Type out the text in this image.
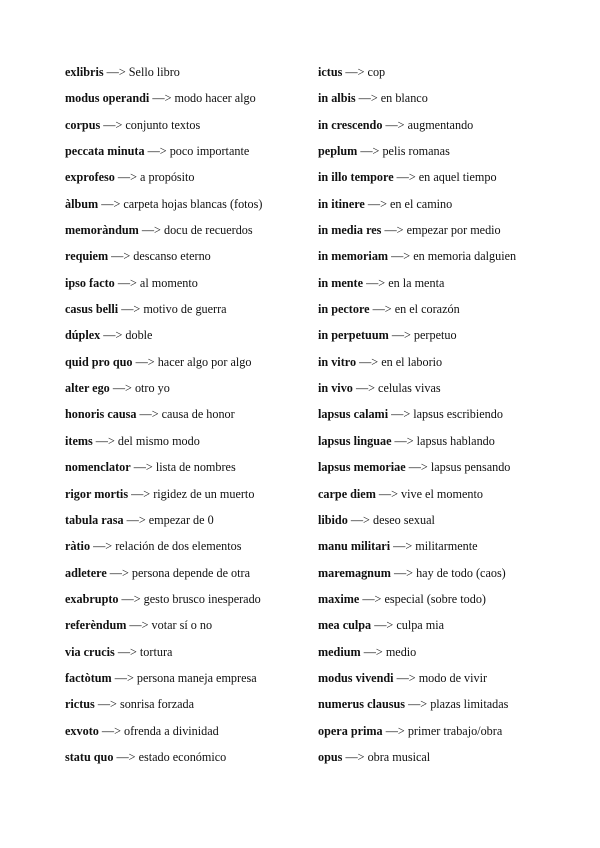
exlibris —> Sello libro
modus operandi —> modo hacer algo
corpus —> conjunto textos
peccata minuta —> poco importante
exprofeso —> a propósito
àlbum —> carpeta hojas blancas (fotos)
memoràndum —> docu de recuerdos
requiem —> descanso eterno
ipso facto —> al momento
casus belli —> motivo de guerra
dúplex —> doble
quid pro quo —> hacer algo por algo
alter ego —> otro yo
honoris causa —> causa de honor
items —> del mismo modo
nomenclator —> lista de nombres
rigor mortis —> rigidez de un muerto
tabula rasa —> empezar de 0
ràtio —> relación de dos elementos
adletere —> persona depende de otra
exabrupto —> gesto brusco inesperado
referèndum —> votar sí o no
via crucis —> tortura
factòtum —> persona maneja empresa
rictus —> sonrisa forzada
exvoto —> ofrenda a divinidad
statu quo —> estado económico
ictus —> cop
in albis —> en blanco
in crescendo —> augmentando
peplum —> pelis romanas
in illo tempore —> en aquel tiempo
in itinere —> en el camino
in media res —> empezar por medio
in memoriam —> en memoria dalguien
in mente —> en la menta
in pectore —> en el corazón
in perpetuum —> perpetuo
in vitro —> en el laborio
in vivo —> celulas vivas
lapsus calami —> lapsus escribiendo
lapsus linguae —> lapsus hablando
lapsus memoriae —> lapsus pensando
carpe diem —> vive el momento
libido —> deseo sexual
manu militari —> militarmente
maremagnum —> hay de todo (caos)
maxime —> especial (sobre todo)
mea culpa —> culpa mia
medium —> medio
modus vivendi —> modo de vivir
numerus clausus —> plazas limitadas
opera prima —> primer trabajo/obra
opus —> obra musical
